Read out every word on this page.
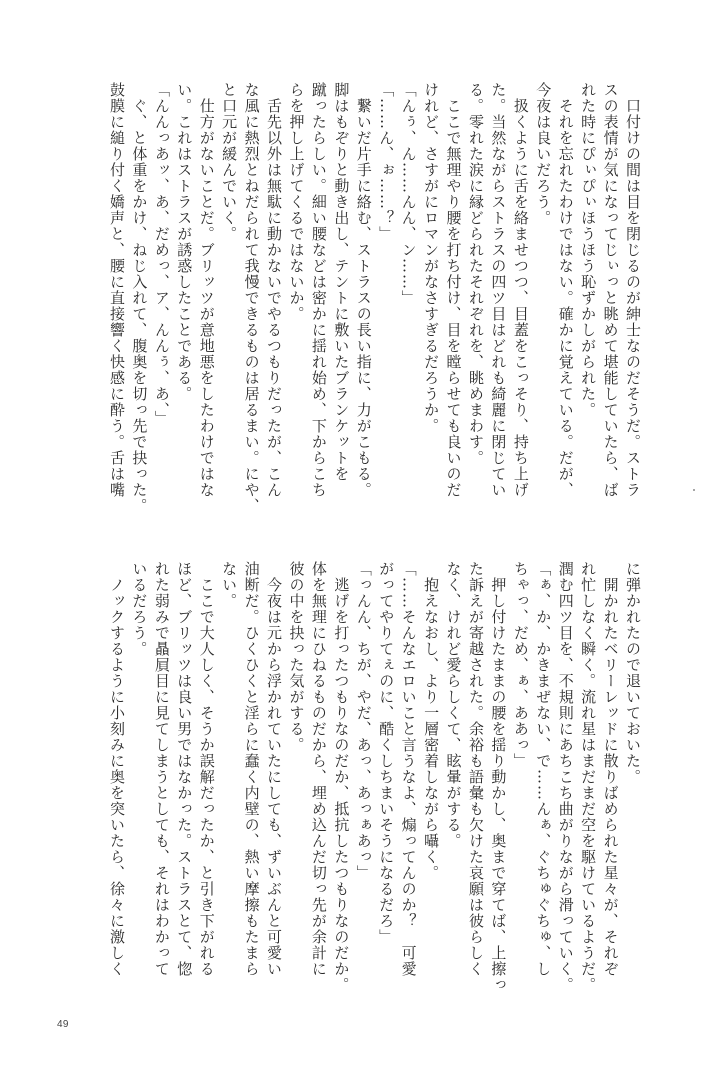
口付けの間は目を閉じるのが紳士なのだそうだ。ストラ
スの表情が気になってじぃっと眺めて堪能していたら、ば
れた時にぴぃぴぃほうほう恥ずかしがられた。
それを忘れたわけではない。確かに覚えている。だが、
今夜は良いだろう。
扱くように舌を絡ませつつ、目蓋をこっそり、持ち上げ
た。当然ながらストラスの四ツ目はどれも綺麗に閉じてい
る。零れた涙に縁どられたそれぞれを、眺めまわす。
ここで無理やり腰を打ち付け、目を瞠らせても良いのだ
けれど、さすがにロマンがなさすぎるだろうか。
「んぅ、ん……んん、ン……」
「……ん、ぉ……？」
繋いだ片手に絡む、ストラスの長い指に、力がこもる。
脚はもぞりと動き出し、テントに敷いたブランケットを
蹴ったらしい。細い腰などは密かに揺れ始め、下からこち
らを押し上げてくるではないか。
舌先以外は無駄に動かないでやるつもりだったが、こん
な風に熱烈とねだられて我慢できるものは居るまい。にや、
と口元が緩んでいく。
仕方がないことだ。ブリッツが意地悪をしたわけではな
い。これはストラスが誘惑したことである。
「んんっあッ、あ、だめっ、ア、んんぅ、あ、」
ぐ、と体重をかけ、ねじ入れて、腹奥を切っ先で抉った。
鼓膜に縋り付く嬌声と、腰に直接響く快感に酔う。舌は嘴
に弾かれたので退いておいた。
開かれたベリーレッドに散りばめられた星々が、それぞ
れ忙しなく瞬く。流れ星はまだまだ空を駆けているようだ。
潤む四ツ目を、不規則にあちこち曲がりながら滑っていく。
「ぁ、か、かきまぜない、で……んぁ、ぐちゅぐちゅ、し
ちゃっ、だめ、ぁ、ああっ」
押し付けたままの腰を揺り動かし、奥まで穿てば、上擦っ
た訴えが寄越された。余裕も語彙も欠けた哀願は彼らしく
なく、けれど愛らしくて、眩暈がする。
抱えなおし、より一層密着しながら囁く。
「……そんなエロいこと言うなよ、煽ってんのか？　可愛
がってやりてぇのに、酷くしちまいそうになるだろ」
「っんん、ちが、やだ、あっ、あっぁあっ」
逃げを打ったつもりなのだか、抵抗したつもりなのだか。
体を無理にひねるものだから、埋め込んだ切っ先が余計に
彼の中を抉った気がする。
今夜は元から浮かれていたにしても、ずいぶんと可愛い
油断だ。ひくひくと淫らに蠢く内壁の、熱い摩擦もたまら
ない。
ここで大人しく、そうか誤解だったか、と引き下がれる
ほど、ブリッツは良い男ではなかった。ストラスとて、惚
れた弱みで贔屓目に見てしまうとしても、それはわかって
いるだろう。
ノックするように小刻みに奥を突いたら、徐々に激しく
49
